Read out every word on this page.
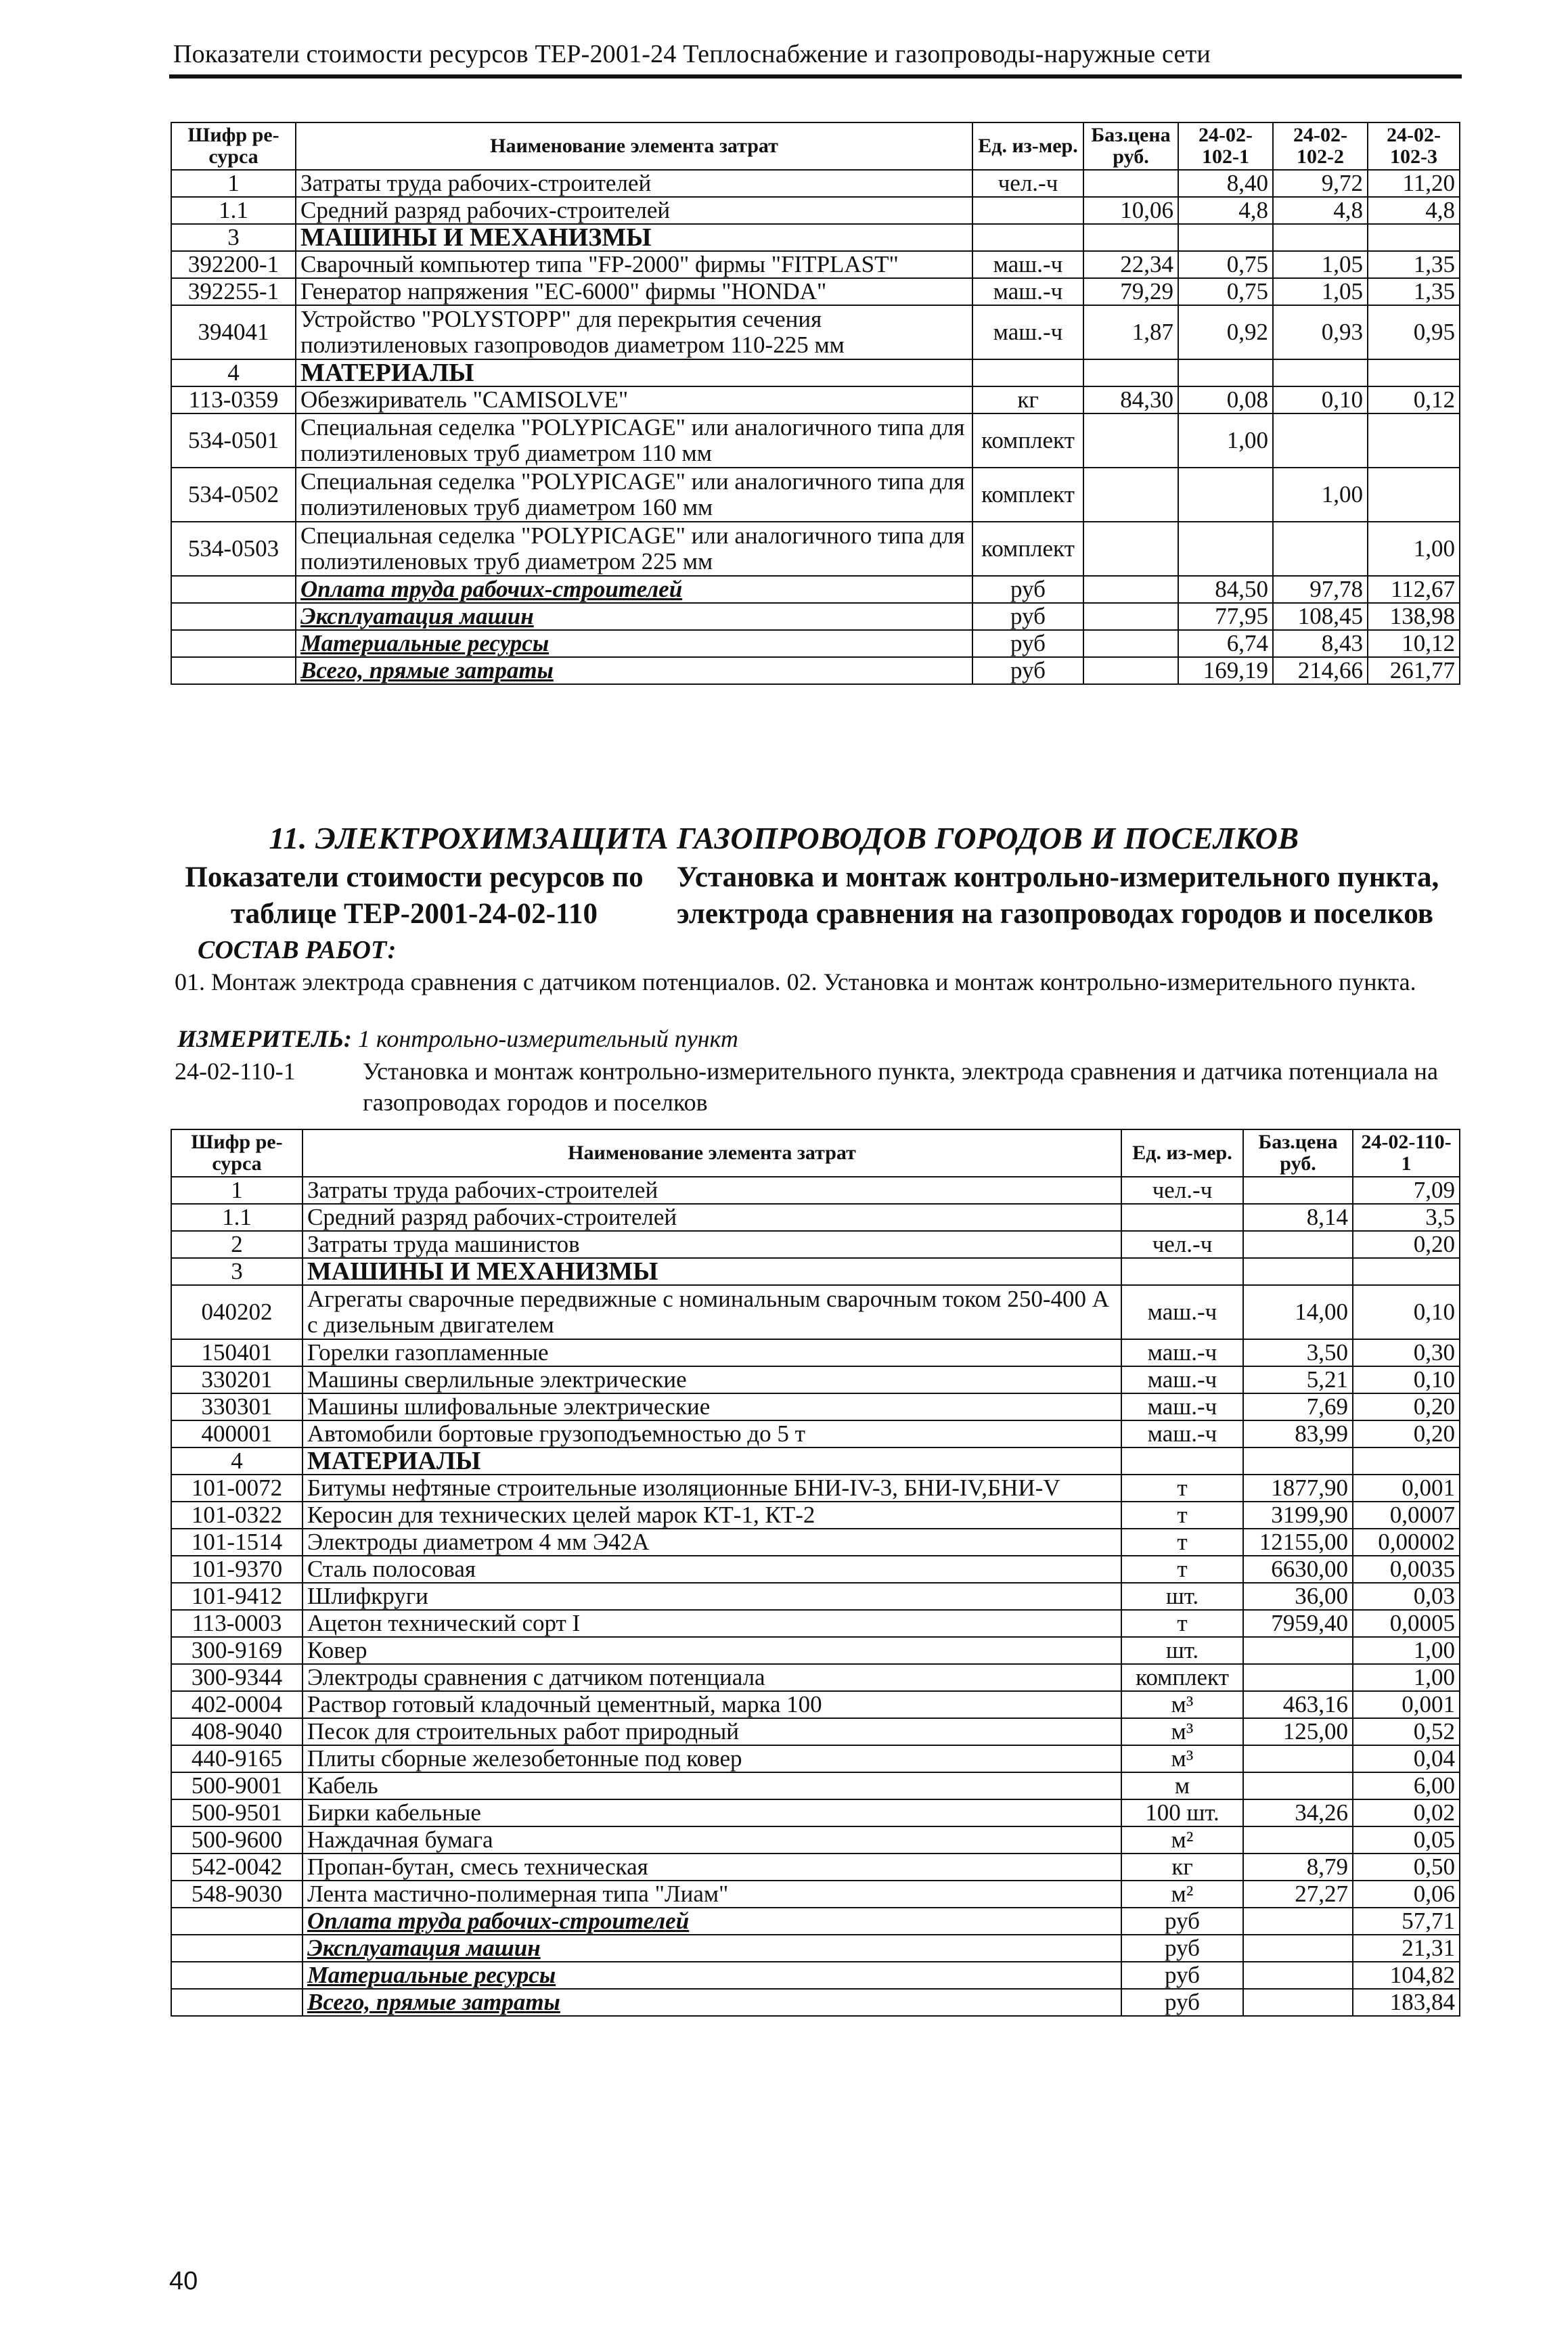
Показатели стоимости ресурсов ТЕР-2001-24 Теплоснабжение и газопроводы-наружные сети
Шифр ре-сурса	Наименование элемента затрат	Ед. из-мер.	Баз.цена руб.	24-02-102-1	24-02-102-2	24-02-102-3
1	Затраты труда рабочих-строителей	чел.-ч		8,40	9,72	11,20
1.1	Средний разряд рабочих-строителей		10,06	4,8	4,8	4,8
3	МАШИНЫ И МЕХАНИЗМЫ					
392200-1	Сварочный компьютер типа "FP-2000" фирмы "FITPLAST"	маш.-ч	22,34	0,75	1,05	1,35
392255-1	Генератор напряжения "ЕС-6000" фирмы "HONDA"	маш.-ч	79,29	0,75	1,05	1,35
394041	Устройство "POLYSTOPP" для перекрытия сечения полиэтиленовых газопроводов диаметром 110-225 мм	маш.-ч	1,87	0,92	0,93	0,95
4	МАТЕРИАЛЫ					
113-0359	Обезжириватель "CAMISOLVE"	кг	84,30	0,08	0,10	0,12
534-0501	Специальная седелка "POLYPICAGE" или аналогичного типа для полиэтиленовых труб диаметром 110 мм	комплект		1,00		
534-0502	Специальная седелка "POLYPICAGE" или аналогичного типа для полиэтиленовых труб диаметром 160 мм	комплект			1,00	
534-0503	Специальная седелка "POLYPICAGE" или аналогичного типа для полиэтиленовых труб диаметром 225 мм	комплект				1,00
	Оплата труда рабочих-строителей	руб		84,50	97,78	112,67
	Эксплуатация машин	руб		77,95	108,45	138,98
	Материальные ресурсы	руб		6,74	8,43	10,12
	Всего, прямые затраты	руб		169,19	214,66	261,77
11. ЭЛЕКТРОХИМЗАЩИТА ГАЗОПРОВОДОВ ГОРОДОВ И ПОСЕЛКОВ
Показатели стоимости ресурсов по таблице ТЕР-2001-24-02-110
Установка и монтаж контрольно-измерительного пункта, электрода сравнения на газопроводах городов и поселков
СОСТАВ РАБОТ:
01. Монтаж электрода сравнения с датчиком потенциалов. 02. Установка и монтаж контрольно-измерительного пункта.
ИЗМЕРИТЕЛЬ: 1 контрольно-измерительный пункт
24-02-110-1	Установка и монтаж контрольно-измерительного пункта, электрода сравнения и датчика потенциала на газопроводах городов и поселков
Шифр ре-сурса	Наименование элемента затрат	Ед. из-мер.	Баз.цена руб.	24-02-110-1
1	Затраты труда рабочих-строителей	чел.-ч		7,09
1.1	Средний разряд рабочих-строителей		8,14	3,5
2	Затраты труда машинистов	чел.-ч		0,20
3	МАШИНЫ И МЕХАНИЗМЫ			
040202	Агрегаты сварочные передвижные с номинальным сварочным током 250-400 А с дизельным двигателем	маш.-ч	14,00	0,10
150401	Горелки газопламенные	маш.-ч	3,50	0,30
330201	Машины сверлильные электрические	маш.-ч	5,21	0,10
330301	Машины шлифовальные электрические	маш.-ч	7,69	0,20
400001	Автомобили бортовые грузоподъемностью до 5 т	маш.-ч	83,99	0,20
4	МАТЕРИАЛЫ			
101-0072	Битумы нефтяные строительные изоляционные БНИ-IV-3, БНИ-IV,БНИ-V	т	1877,90	0,001
101-0322	Керосин для технических целей марок КТ-1, КТ-2	т	3199,90	0,0007
101-1514	Электроды диаметром 4 мм Э42А	т	12155,00	0,00002
101-9370	Сталь полосовая	т	6630,00	0,0035
101-9412	Шлифкруги	шт.	36,00	0,03
113-0003	Ацетон технический сорт I	т	7959,40	0,0005
300-9169	Ковер	шт.		1,00
300-9344	Электроды сравнения с датчиком потенциала	комплект		1,00
402-0004	Раствор готовый кладочный цементный, марка 100	м³	463,16	0,001
408-9040	Песок для строительных работ природный	м³	125,00	0,52
440-9165	Плиты сборные железобетонные под ковер	м³		0,04
500-9001	Кабель	м		6,00
500-9501	Бирки кабельные	100 шт.	34,26	0,02
500-9600	Наждачная бумага	м²		0,05
542-0042	Пропан-бутан, смесь техническая	кг	8,79	0,50
548-9030	Лента мастично-полимерная типа "Лиам"	м²	27,27	0,06
	Оплата труда рабочих-строителей	руб		57,71
	Эксплуатация машин	руб		21,31
	Материальные ресурсы	руб		104,82
	Всего, прямые затраты	руб		183,84
40
